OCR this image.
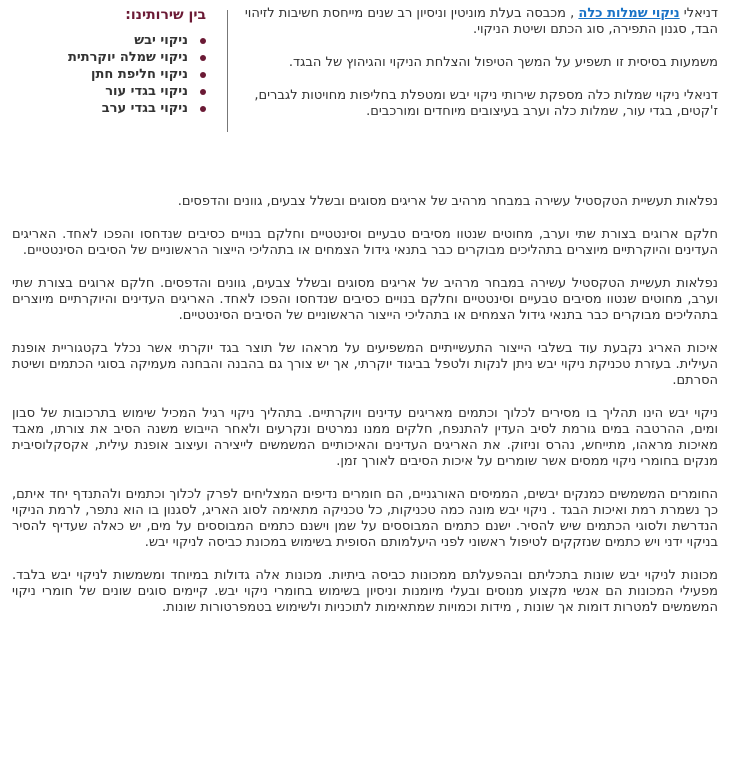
דניאלי ניקוי שמלות כלה , מכבסה בעלת מוניטין וניסיון רב שנים מייחסת חשיבות לזיהוי הבד, סגנון התפירה, סוג הכתם ושיטת הניקוי.

משמעות בסיסית זו תשפיע על המשך הטיפול והצלחת הניקוי והגיהוץ של הבגד.

דניאלי ניקוי שמלות כלה מספקת שירותי ניקוי יבש ומטפלת בחליפות מחויטות לגברים, ז'קטים, בגדי עור, שמלות כלה וערב בעיצובים מיוחדים ומורכבים.

בין שירותינו:
ניקוי יבש
ניקוי שמלה יוקרתית
ניקוי חליפת חתן
ניקוי בגדי עור
ניקוי בגדי ערב

נפלאות תעשיית הטקסטיל עשירה במבחר מרהיב של אריגים מסוגים ובשלל צבעים, גוונים והדפסים.

חלקם ארוגים בצורת שתי וערב, מחוטים שנטוו מסיבים טבעיים וסינטטיים וחלקם בנויים כסיבים שנדחסו והפכו לאחד. האריגים העדינים והיוקרתיים מיוצרים בתהליכים מבוקרים כבר בתנאי גידול הצמחים או בתהליכי הייצור הראשוניים של הסיבים הסינטטיים.

נפלאות תעשיית הטקסטיל עשירה במבחר מרהיב של אריגים מסוגים ובשלל צבעים, גוונים והדפסים. חלקם ארוגים בצורת שתי וערב, מחוטים שנטוו מסיבים טבעיים וסינטטיים וחלקם בנויים כסיבים שנדחסו והפכו לאחד. האריגים העדינים והיוקרתיים מיוצרים בתהליכים מבוקרים כבר בתנאי גידול הצמחים או בתהליכי הייצור הראשוניים של הסיבים הסינטטיים.

איכות האריג נקבעת עוד בשלבי הייצור התעשייתיים המשפיעים על מראהו של תוצר בגד יוקרתי אשר נכלל בקטגוריית אופנת העילית. בעזרת טכניקת ניקוי יבש ניתן לנקות ולטפל בביגוד יוקרתי, אך יש צורך גם בהבנה והבחנה מעמיקה בסוגי הכתמים ושיטת הסרתם.

ניקוי יבש הינו תהליך בו מסירים לכלוך וכתמים מאריגים עדינים ויוקרתיים. בתהליך ניקוי רגיל המכיל שימוש בתרכובות של סבון ומים, ההרטבה במים גורמת לסיב העדין להתנפח, חלקים ממנו נמרטים ונקרעים ולאחר הייבוש משנה הסיב את צורתו, מאבד מאיכות מראהו, מתייחש, נהרס וניזוק. את האריגים העדינים והאיכותיים המשמשים לייצירה ועיצוב אופנת עילית, אקסקלוסיבית מנקים בחומרי ניקוי ממסים אשר שומרים על איכות הסיבים לאורך זמן.

החומרים המשמשים כמנקים יבשים, הממיסים האורגניים, הם חומרים נדיפים המצליחים לפרק לכלוך וכתמים ולהתנדף יחד איתם, כך נשמרת רמת ואיכות הבגד . ניקוי יבש מונה כמה טכניקות, כל טכניקה מתאימה לסוג האריג, לסגנון בו הוא נתפר, לרמת הניקוי הנדרשת ולסוגי הכתמים שיש להסיר. ישנם כתמים המבוססים על שמן וישנם כתמים המבוססים על מים, יש כאלה שעדיף להסיר בניקוי ידני ויש כתמים שנזקקים לטיפול ראשוני לפני היעלמותם הסופית בשימוש במכונת כביסה לניקוי יבש.

מכונות לניקוי יבש שונות בתכליתם ובהפעלתם ממכונות כביסה ביתיות. מכונות אלה גדולות במיוחד ומשמשות לניקוי יבש בלבד. מפעילי המכונות הם אנשי מקצוע מנוסים ובעלי מיומנות וניסיון בשימוש בחומרי ניקוי יבש. קיימים סוגים שונים של חומרי ניקוי המשמשים למטרות דומות אך שונות , מידות וכמויות שמתאימות לתוכניות ולשימוש בטמפרטורות שונות.
